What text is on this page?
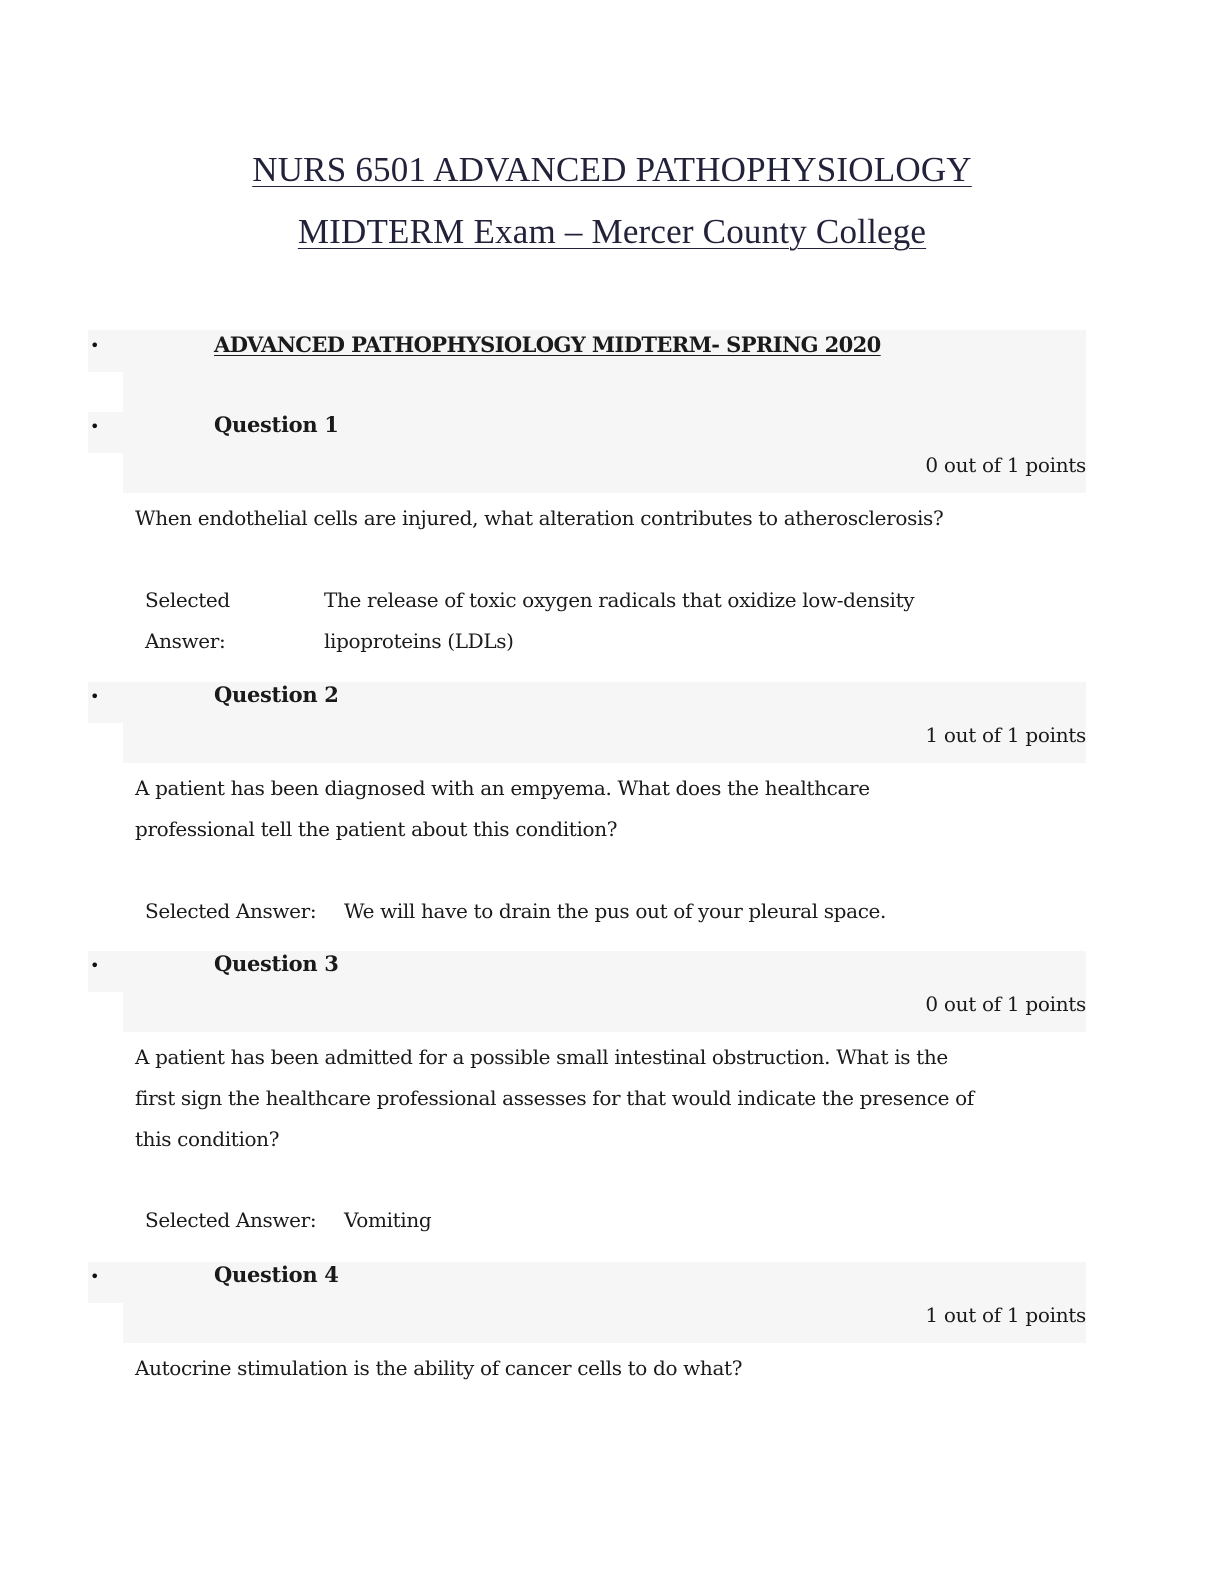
NURS 6501 ADVANCED PATHOPHYSIOLOGY
MIDTERM Exam – Mercer County College
•	ADVANCED PATHOPHYSIOLOGY MIDTERM- SPRING 2020
•	Question 1
0 out of 1 points
When endothelial cells are injured, what alteration contributes to atherosclerosis?
Selected
Answer:
The release of toxic oxygen radicals that oxidize low-density
lipoproteins (LDLs)
•	Question 2
1 out of 1 points
A patient has been diagnosed with an empyema. What does the healthcare
professional tell the patient about this condition?
Selected Answer: We will have to drain the pus out of your pleural space.
•	Question 3
0 out of 1 points
A patient has been admitted for a possible small intestinal obstruction. What is the
first sign the healthcare professional assesses for that would indicate the presence of
this condition?
Selected Answer: Vomiting
•	Question 4
1 out of 1 points
Autocrine stimulation is the ability of cancer cells to do what?
